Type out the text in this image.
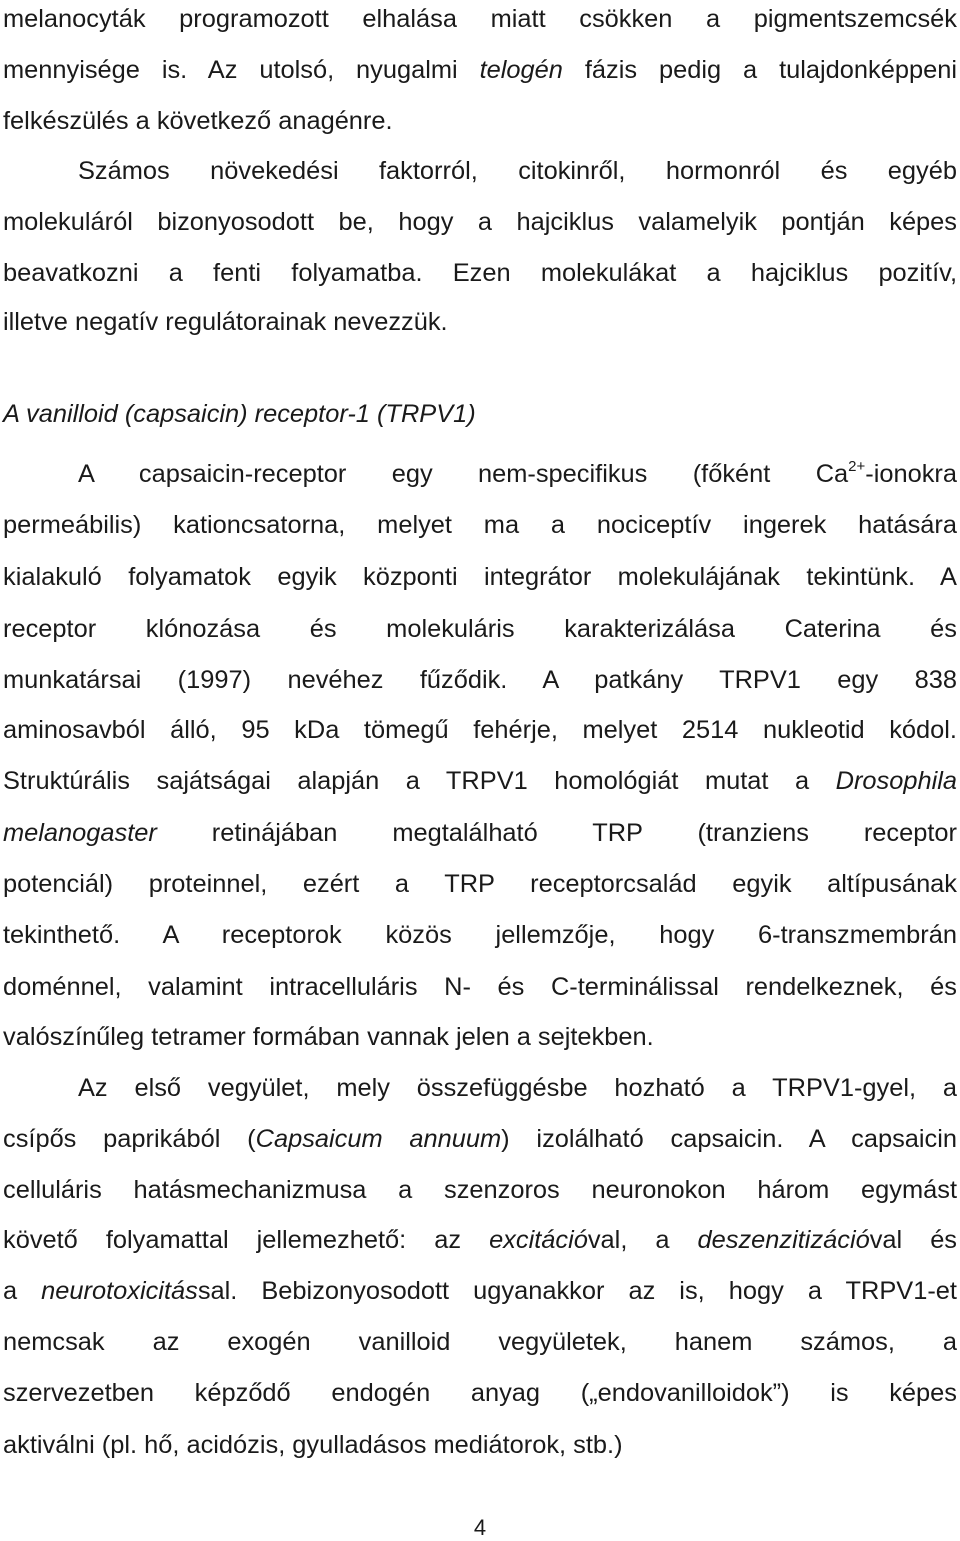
melanocyták programozott elhalása miatt csökken a pigmentszemcsék
mennyisége is. Az utolsó, nyugalmi telogén fázis pedig a tulajdonképpeni
felkészülés a következő anagénre.
Számos növekedési faktorról, citokinről, hormonról és egyéb
molekuláról bizonyosodott be, hogy a hajciklus valamelyik pontján képes
beavatkozni a fenti folyamatba. Ezen molekulákat a hajciklus pozitív,
illetve negatív regulátorainak nevezzük.
A vanilloid (capsaicin) receptor-1 (TRPV1)
A capsaicin-receptor egy nem-specifikus (főként $Ca^{2+}$-ionokra
permeábilis) kationcsatorna, melyet ma a nociceptív ingerek hatására
kialakuló folyamatok egyik központi integrátor molekulájának tekintünk. A
receptor klónozása és molekuláris karakterizálása Caterina és
munkatársai (1997) nevéhez fűződik. A patkány TRPV1 egy 838
aminosavból álló, 95 kDa tömegű fehérje, melyet 2514 nukleotid kódol.
Struktúrális sajátságai alapján a TRPV1 homológiát mutat a Drosophila
melanogaster retinájában megtalálható TRP (tranziens receptor
potenciál) proteinnel, ezért a TRP receptorcsalád egyik altípusának
tekinthető. A receptorok közös jellemzője, hogy 6-transzmembrán
doménnel, valamint intracelluláris N- és C-terminálissal rendelkeznek, és
valószínűleg tetramer formában vannak jelen a sejtekben.
Az első vegyület, mely összefüggésbe hozható a TRPV1-gyel, a
csípős paprikából (Capsaicum annuum) izolálható capsaicin. A capsaicin
celluláris hatásmechanizmusa a szenzoros neuronokon három egymást
követő folyamattal jellemezhető: az excitációval, a deszenzitizációval és
a neurotoxicitással. Bebizonyosodott ugyanakkor az is, hogy a TRPV1-et
nemcsak az exogén vanilloid vegyületek, hanem számos, a
szervezetben képződő endogén anyag („endovanilloidok”) is képes
aktiválni (pl. hő, acidózis, gyulladásos mediátorok, stb.)
4
